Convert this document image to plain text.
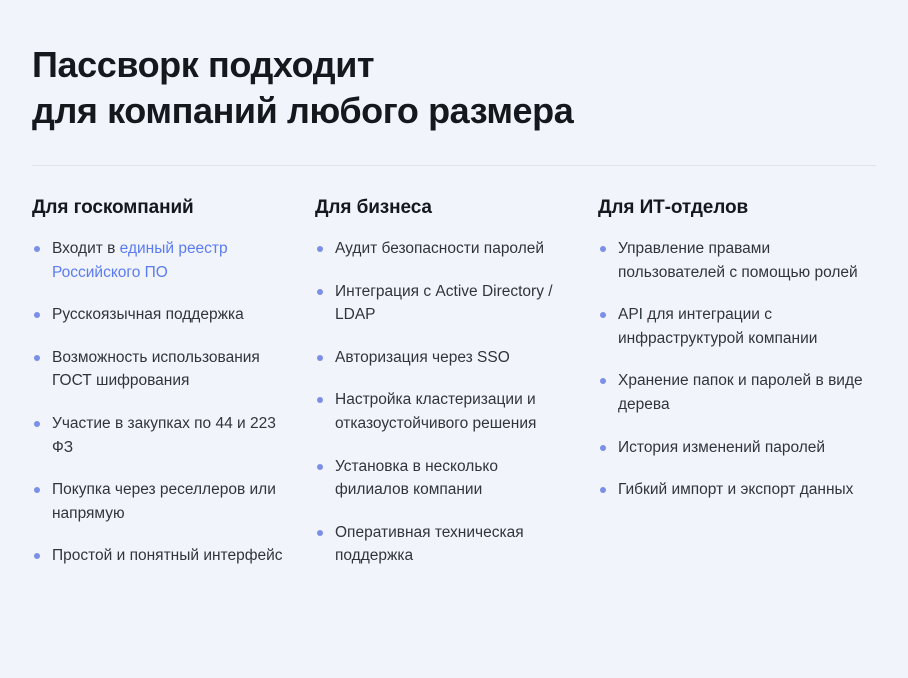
Пассворк подходит
для компаний любого размера
Для госкомпаний
Входит в единый реестр Российского ПО
Русскоязычная поддержка
Возможность использования ГОСТ шифрования
Участие в закупках по 44 и 223 ФЗ
Покупка через реселлеров или напрямую
Простой и понятный интерфейс
Для бизнеса
Аудит безопасности паролей
Интеграция с Active Directory / LDAP
Авторизация через SSO
Настройка кластеризации и отказоустойчивого решения
Установка в несколько филиалов компании
Оперативная техническая поддержка
Для ИТ-отделов
Управление правами пользователей с помощью ролей
API для интеграции с инфраструктурой компании
Хранение папок и паролей в виде дерева
История изменений паролей
Гибкий импорт и экспорт данных
